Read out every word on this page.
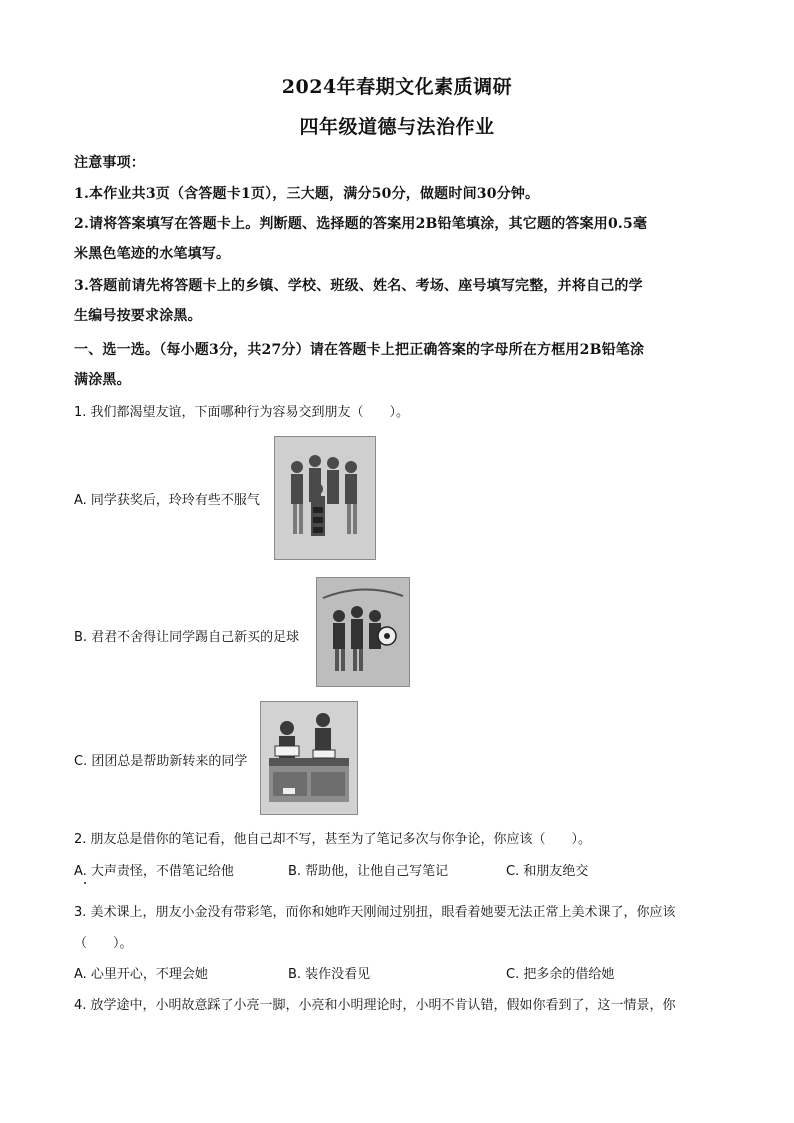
2024年春期文化素质调研
四年级道德与法治作业
注意事项：
1.本作业共3页（含答题卡1页），三大题，满分50分，做题时间30分钟。
2.请将答案填写在答题卡上。判断题、选择题的答案用2B铅笔填涂，其它题的答案用0.5毫
米黑色笔迹的水笔填写。
3.答题前请先将答题卡上的乡镇、学校、班级、姓名、考场、座号填写完整，并将自己的学
生编号按要求涂黑。
一、选一选。（每小题3分，共27分）请在答题卡上把正确答案的字母所在方框用2B铅笔涂
满涂黑。
1. 我们都渴望友谊，下面哪种行为容易交到朋友（　　）。
A. 同学获奖后，玲玲有些不服气
B. 君君不舍得让同学踢自己新买的足球
C. 团团总是帮助新转来的同学
2. 朋友总是借你的笔记看，他自己却不写，甚至为了笔记多次与你争论，你应该（　　）。
A. 大声责怪，不借笔记给他	B. 帮助他，让他自己写笔记	C. 和朋友绝交
3. 美术课上，朋友小金没有带彩笔，而你和她昨天刚闹过别扭，眼看着她要无法正常上美术课了，你应该
（　　）。
A. 心里开心，不理会她	B. 装作没看见	C. 把多余的借给她
4. 放学途中，小明故意踩了小亮一脚，小亮和小明理论时，小明不肯认错，假如你看到了，这一情景，你
